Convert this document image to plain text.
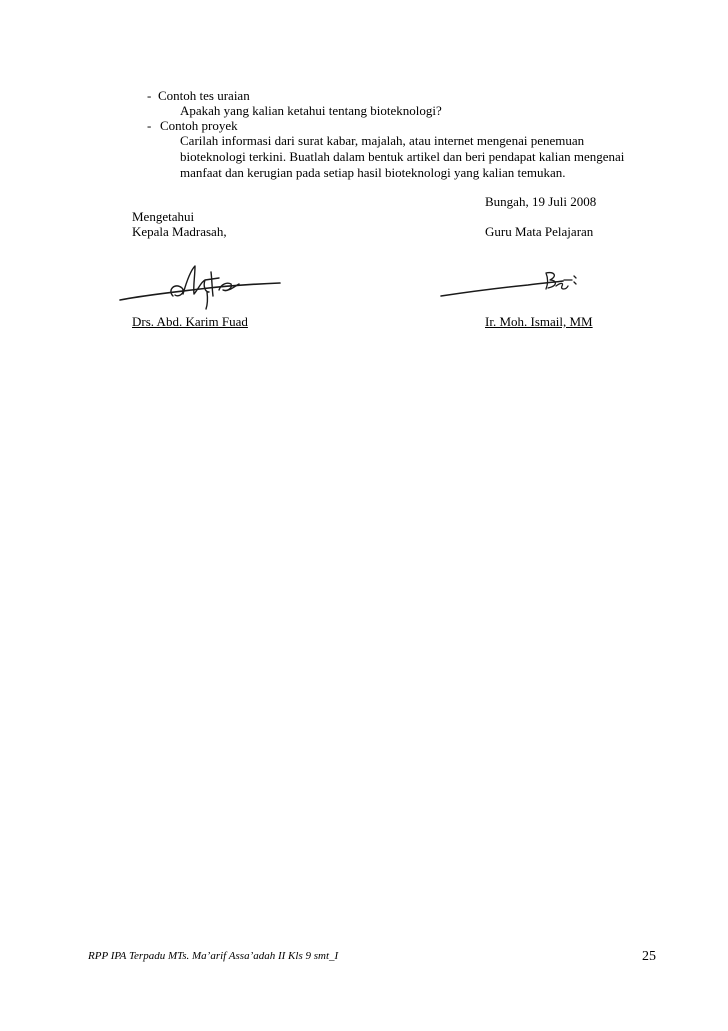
- Contoh tes uraian
Apakah yang kalian ketahui tentang bioteknologi?
- Contoh proyek
Carilah informasi dari surat kabar, majalah, atau internet mengenai penemuan
bioteknologi terkini. Buatlah dalam bentuk artikel dan beri pendapat kalian mengenai
manfaat dan kerugian pada setiap hasil bioteknologi yang kalian temukan.
Bungah, 19 Juli 2008
Mengetahui
Kepala Madrasah,	Guru Mata Pelajaran
Drs. Abd. Karim Fuad	Ir. Moh. Ismail, MM
RPP IPA Terpadu MTs. Ma’arif Assa’adah II Kls 9 smt_I	25
